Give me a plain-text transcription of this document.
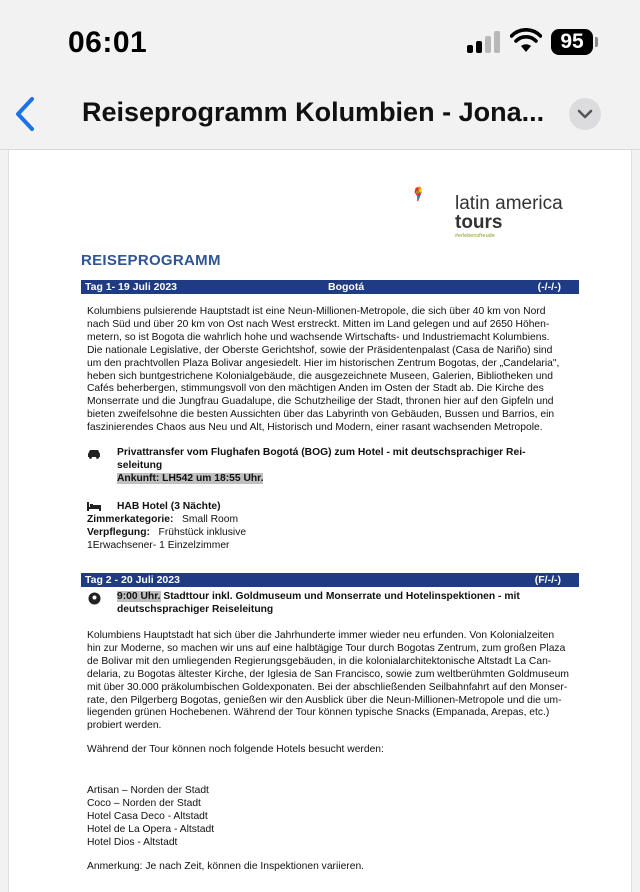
06:01	95
Reiseprogramm Kolumbien - Jona...
latin america
tours
#erlebensfreude
REISEPROGRAMM
Tag 1- 19 Juli 2023	Bogotá	(-/-/-)
Kolumbiens pulsierende Hauptstadt ist eine Neun-Millionen-Metropole, die sich über 40 km von Nord
nach Süd und über 20 km von Ost nach West erstreckt. Mitten im Land gelegen und auf 2650 Höhen-
metern, so ist Bogota die wahrlich hohe und wachsende Wirtschafts- und Industriemacht Kolumbiens.
Die nationale Legislative, der Oberste Gerichtshof, sowie der Präsidentenpalast (Casa de Nariño) sind
um den prachtvollen Plaza Bolivar angesiedelt. Hier im historischen Zentrum Bogotas, der „Candelaria",
heben sich buntgestrichene Kolonialgebäude, die ausgezeichnete Museen, Galerien, Bibliotheken und
Cafés beherbergen, stimmungsvoll von den mächtigen Anden im Osten der Stadt ab. Die Kirche des
Monserrate und die Jungfrau Guadalupe, die Schutzheilige der Stadt, thronen hier auf den Gipfeln und
bieten zweifelsohne die besten Aussichten über das Labyrinth von Gebäuden, Bussen und Barrios, ein
faszinierendes Chaos aus Neu und Alt, Historisch und Modern, einer rasant wachsenden Metropole.
Privattransfer vom Flughafen Bogotá (BOG) zum Hotel - mit deutschsprachiger Rei-
seleitung
Ankunft: LH542 um 18:55 Uhr.
HAB Hotel (3 Nächte)
Zimmerkategorie: Small Room
Verpflegung: Frühstück inklusive
1Erwachsener- 1 Einzelzimmer
Tag 2 - 20 Juli 2023	(F/-/-)
9:00 Uhr. Stadttour inkl. Goldmuseum und Monserrate und Hotelinspektionen - mit
deutschsprachiger Reiseleitung
Kolumbiens Hauptstadt hat sich über die Jahrhunderte immer wieder neu erfunden. Von Kolonialzeiten
hin zur Moderne, so machen wir uns auf eine halbtägige Tour durch Bogotas Zentrum, zum großen Plaza
de Bolivar mit den umliegenden Regierungsgebäuden, in die kolonialarchitektonische Altstadt La Can-
delaria, zu Bogotas ältester Kirche, der Iglesia de San Francisco, sowie zum weltberühmten Goldmuseum
mit über 30.000 präkolumbischen Goldexponaten. Bei der abschließenden Seilbahnfahrt auf den Monser-
rate, den Pilgerberg Bogotas, genießen wir den Ausblick über die Neun-Millionen-Metropole und die um-
liegenden grünen Hochebenen. Während der Tour können typische Snacks (Empanada, Arepas, etc.)
probiert werden.
Während der Tour können noch folgende Hotels besucht werden:
Artisan – Norden der Stadt
Coco – Norden der Stadt
Hotel Casa Deco - Altstadt
Hotel de La Opera - Altstadt
Hotel Dios - Altstadt
Anmerkung: Je nach Zeit, können die Inspektionen variieren.
